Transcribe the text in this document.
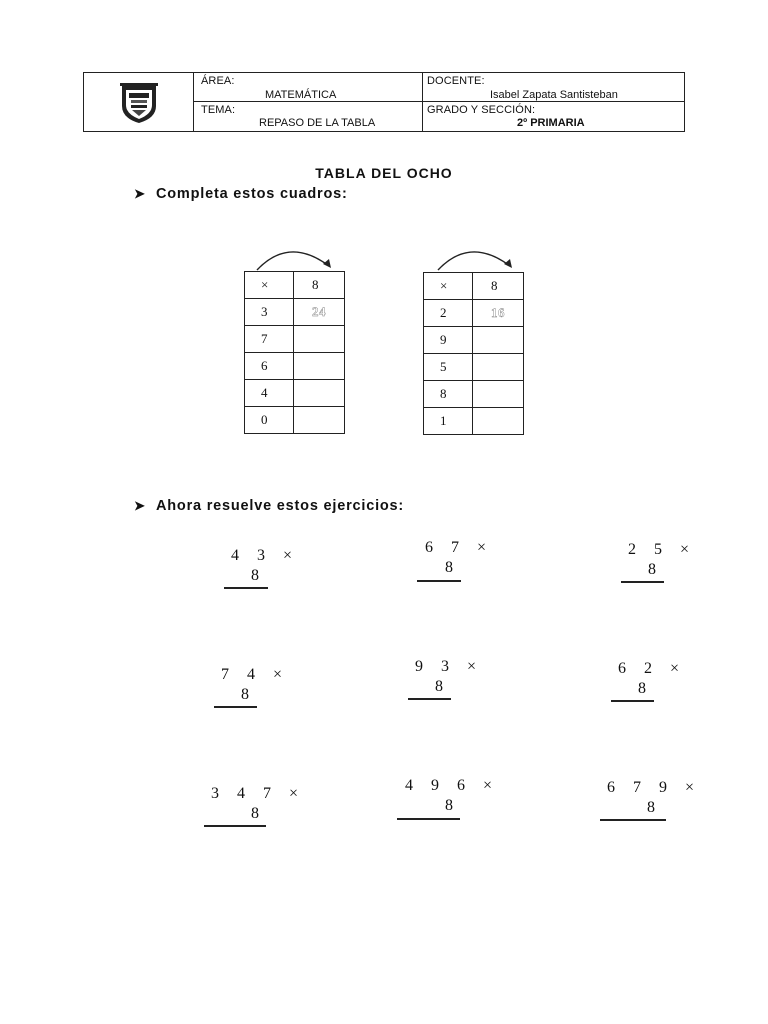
ÁREA:
MATEMÁTICA
DOCENTE:
Isabel Zapata Santisteban
TEMA:
REPASO DE LA TABLA
GRADO Y SECCIÓN:
2º PRIMARIA
TABLA DEL OCHO
➤ Completa estos cuadros:
×	8
3	24
7	
6	
4	
0	
×	8
2	16
9	
5	
8	
1	
➤ Ahora resuelve estos ejercicios:
4 3 ×
8
6 7 ×
8
2 5 ×
8
7 4 ×
8
9 3 ×
8
6 2 ×
8
3 4 7 ×
8
4 9 6 ×
8
6 7 9 ×
8
